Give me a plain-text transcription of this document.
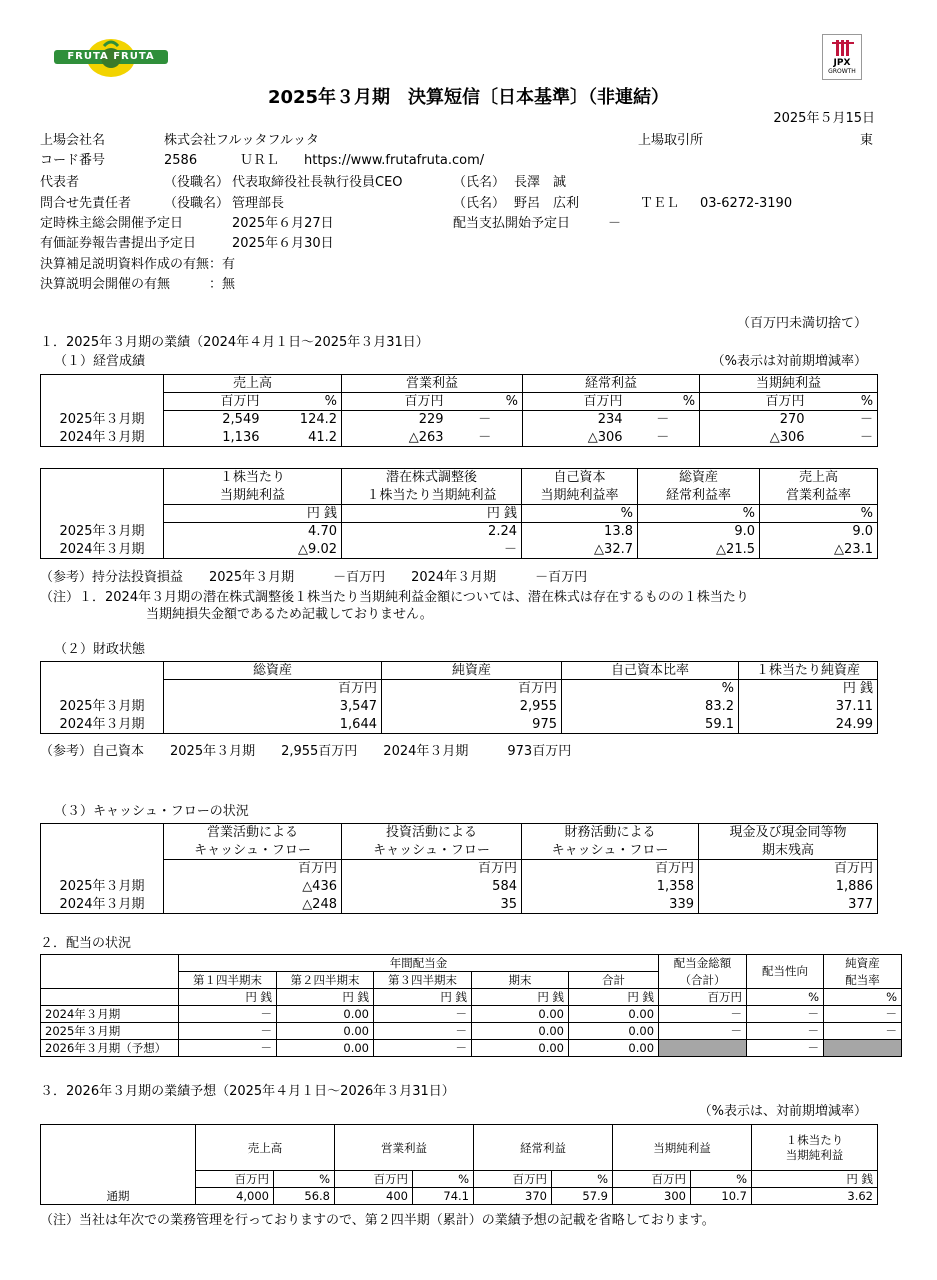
FRUTA FRUTA
JPX
GROWTH
2025年３月期　決算短信〔日本基準〕（非連結）
2025年５月15日
上場会社名	株式会社フルッタフルッタ	上場取引所	東
コード番号	2586	ＵＲＬ https://www.frutafruta.com/
代表者	（役職名） 代表取締役社長執行役員CEO	（氏名） 長澤　誠
問合せ先責任者	（役職名） 管理部長	（氏名） 野呂　広利	ＴＥＬ 03-6272-3190
定時株主総会開催予定日	2025年６月27日	配当支払開始予定日	－
有価証券報告書提出予定日	2025年６月30日
決算補足説明資料作成の有無：有
決算説明会開催の有無　　　：無
（百万円未満切捨て）
１．2025年３月期の業績（2024年４月１日～2025年３月31日）
（１）経営成績	（%表示は対前期増減率）
	売上高		営業利益		経常利益		当期純利益	
	百万円	%	百万円	%	百万円	%	百万円	%
2025年３月期	2,549	124.2	229	－	234	－	270	－
2024年３月期	1,136	41.2	△263	－	△306	－	△306	－
	１株当たり	潜在株式調整後	自己資本	総資産	売上高
	当期純利益	１株当たり当期純利益	当期純利益率	経常利益率	営業利益率
	円 銭	円 銭	%	%	%
2025年３月期	4.70	2.24	13.8	9.0	9.0
2024年３月期	△9.02	－	△32.7	△21.5	△23.1
（参考）持分法投資損益　　2025年３月期　　　－百万円　　2024年３月期　　　－百万円
（注）１．2024年３月期の潜在株式調整後１株当たり当期純利益金額については、潜在株式は存在するものの１株当たり
当期純損失金額であるため記載しておりません。
（２）財政状態
	総資産	純資産	自己資本比率	１株当たり純資産
	百万円	百万円	%	円 銭
2025年３月期	3,547	2,955	83.2	37.11
2024年３月期	1,644	975	59.1	24.99
（参考）自己資本　　2025年３月期　　2,955百万円　　2024年３月期　　　973百万円
（３）キャッシュ・フローの状況
	営業活動による	投資活動による	財務活動による	現金及び現金同等物
	キャッシュ・フロー	キャッシュ・フロー	キャッシュ・フロー	期末残高
	百万円	百万円	百万円	百万円
2025年３月期	△436	584	1,358	1,886
2024年３月期	△248	35	339	377
２．配当の状況
	年間配当金					配当金総額		純資産
	第１四半期末	第２四半期末	第３四半期末	期末	合計	（合計）	配当性向	配当率
	円 銭	円 銭	円 銭	円 銭	円 銭	百万円	%	%
2024年３月期	－	0.00	－	0.00	0.00	－	－	－
2025年３月期	－	0.00	－	0.00	0.00	－	－	－
2026年３月期（予想）	－	0.00	－	0.00	0.00		－	
３．2026年３月期の業績予想（2025年４月１日～2026年３月31日）
（%表示は、対前期増減率）
	売上高		営業利益		経常利益		当期純利益		１株当たり
当期純利益
	百万円	%	百万円	%	百万円	%	百万円	%	円 銭
通期	4,000	56.8	400	74.1	370	57.9	300	10.7	3.62
（注）当社は年次での業務管理を行っておりますので、第２四半期（累計）の業績予想の記載を省略しております。
